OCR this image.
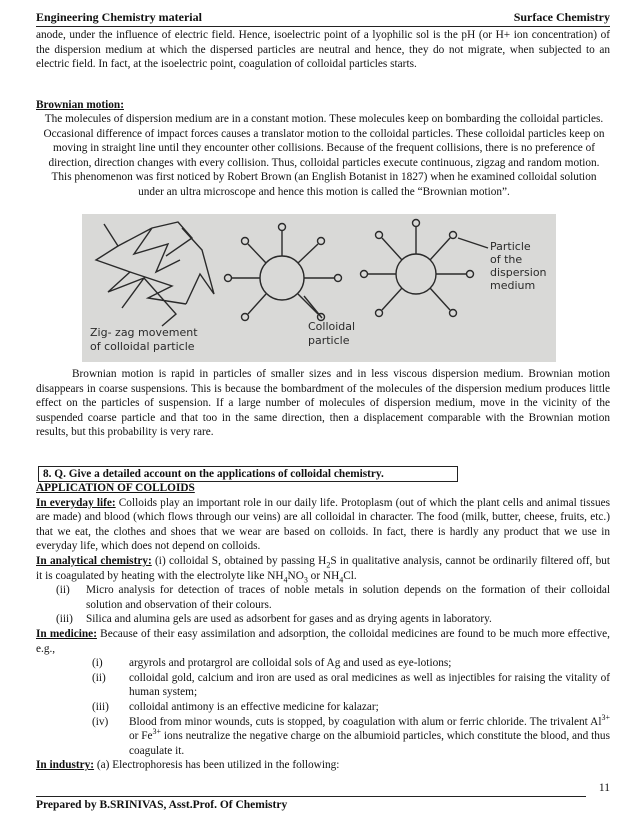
Engineering Chemistry material	Surface Chemistry
anode, under the influence of electric field. Hence, isoelectric point of a lyophilic sol is the pH (or H+ ion concentration) of the dispersion medium at which the dispersed particles are neutral and hence, they do not migrate, when subjected to an electric field. In fact, at the isoelectric point, coagulation of colloidal particles starts.
Brownian motion:
The molecules of dispersion medium are in a constant motion. These molecules keep on bombarding the colloidal particles. Occasional difference of impact forces causes a translator motion to the colloidal particles. These colloidal particles keep on moving in straight line until they encounter other collisions. Because of the frequent collisions, there is no preference of direction, direction changes with every collision. Thus, colloidal particles execute continuous, zigzag and random motion. This phenomenon was first noticed by Robert Brown (an English Botanist in 1827) when he examined colloidal solution under an ultra microscope and hence this motion is called the “Brownian motion”.
Zig- zag movement
of colloidal particle
Colloidal
particle
Particle
of the
dispersion
medium
Brownian motion is rapid in particles of smaller sizes and in less viscous dispersion medium. Brownian motion disappears in coarse suspensions. This is because the bombardment of the molecules of the dispersion medium produces little effect on the particles of suspension. If a large number of molecules of dispersion medium, move in the vicinity of the suspended coarse particle and that too in the same direction, then a displacement comparable with the Brownian motion results, but this probability is very rare.
8. Q. Give a detailed account on the applications of colloidal chemistry.
APPLICATION OF COLLOIDS
In everyday life: Colloids play an important role in our daily life. Protoplasm (out of which the plant cells and animal tissues are made) and blood (which flows through our veins) are all colloidal in character. The food (milk, butter, cheese, fruits, etc.) that we eat, the clothes and shoes that we wear are based on colloids. In fact, there is hardly any product that we use in everyday life, which does not depend on colloids.
In analytical chemistry: (i) colloidal S, obtained by passing $H_2S$ in qualitative analysis, cannot be ordinarily filtered off, but it is coagulated by heating with the electrolyte like $NH_4NO_3$ or $NH_4Cl$.
(ii) Micro analysis for detection of traces of noble metals in solution depends on the formation of their colloidal solution and observation of their colours.
(iii) Silica and alumina gels are used as adsorbent for gases and as drying agents in laboratory.
In medicine: Because of their easy assimilation and adsorption, the colloidal medicines are found to be much more effective, e.g.,
(i) argyrols and protargrol are colloidal sols of Ag and used as eye-lotions;
(ii) colloidal gold, calcium and iron are used as oral medicines as well as injectibles for raising the vitality of human system;
(iii) colloidal antimony is an effective medicine for kalazar;
(iv) Blood from minor wounds, cuts is stopped, by coagulation with alum or ferric chloride. The trivalent $Al^{3+}$ or $Fe^{3+}$ ions neutralize the negative charge on the albumioid particles, which constitute the blood, and thus coagulate it.
In industry: (a) Electrophoresis has been utilized in the following:
11
Prepared by B.SRINIVAS, Asst.Prof. Of Chemistry
